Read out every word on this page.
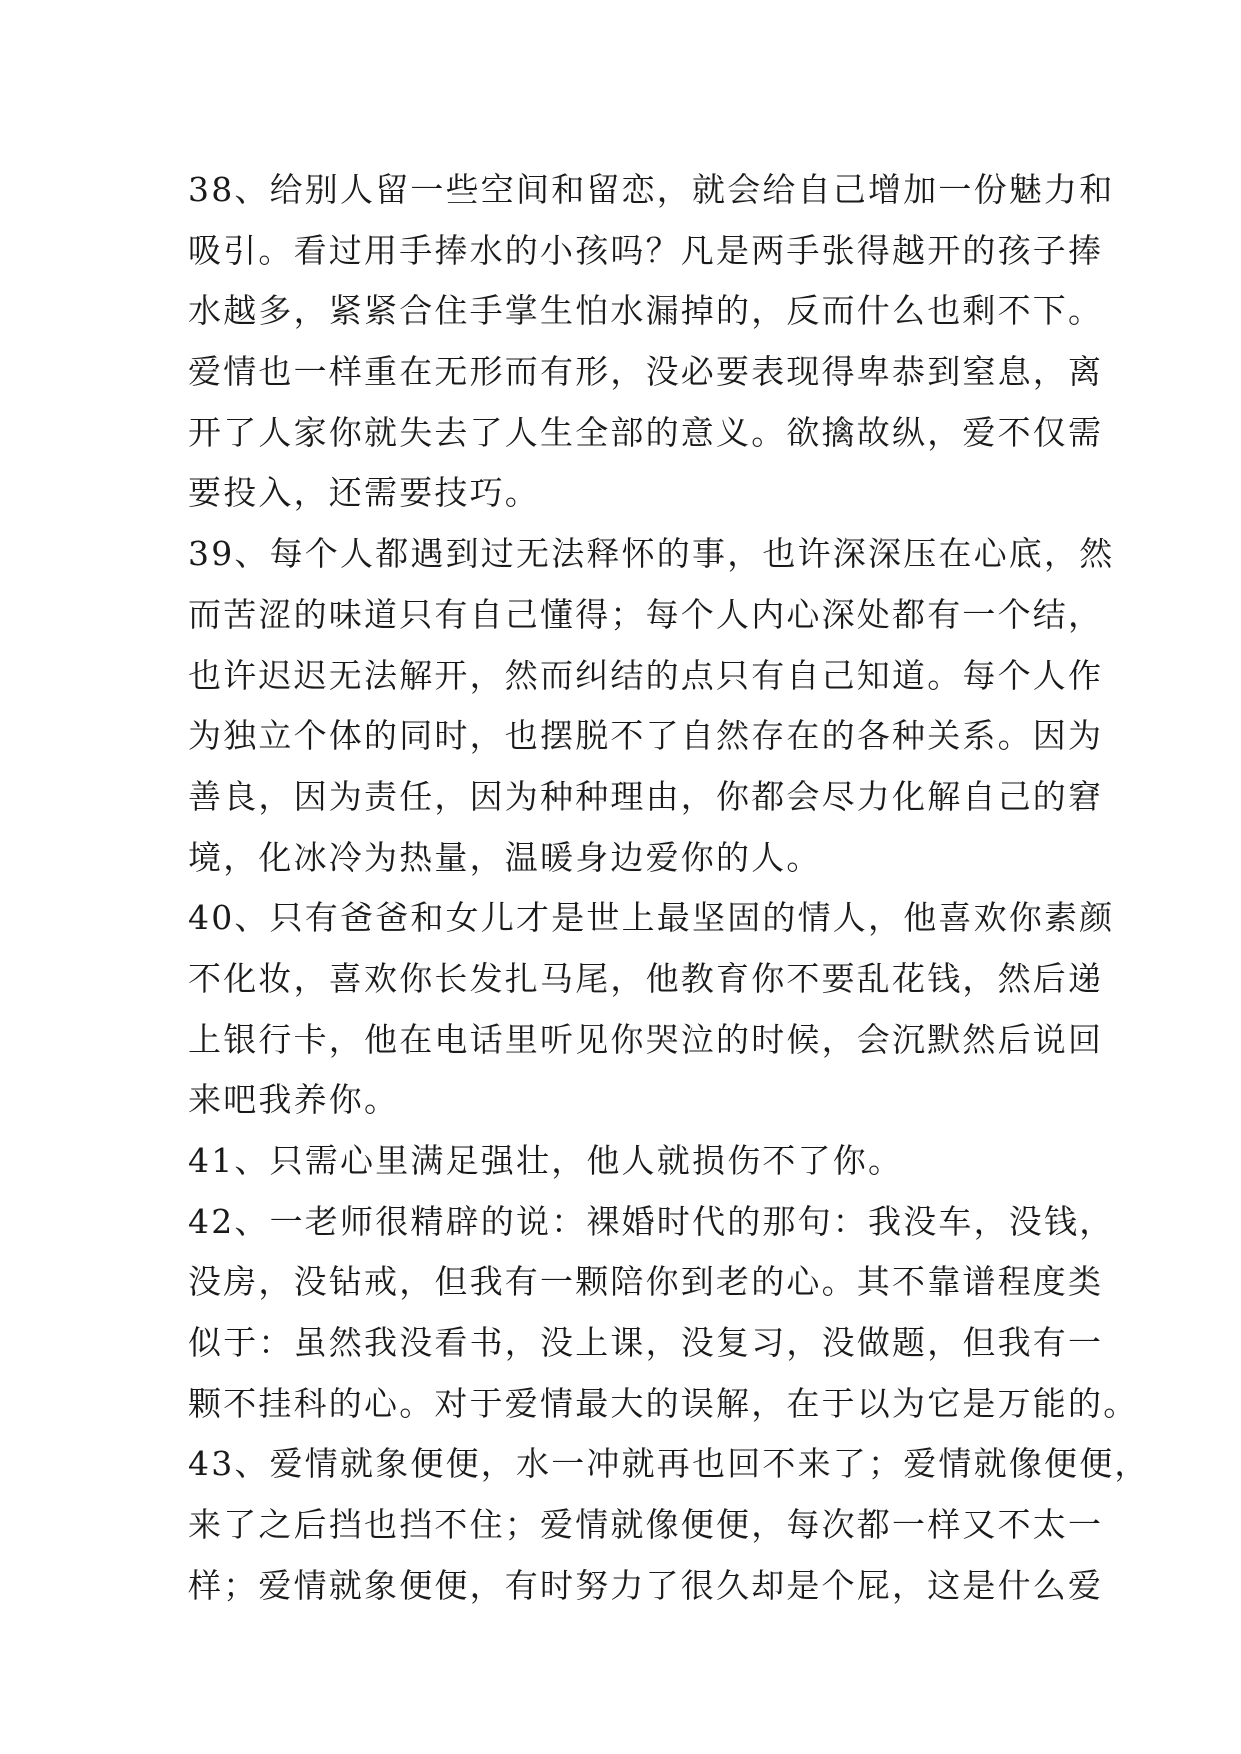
38、给别人留一些空间和留恋，就会给自己增加一份魅力和
吸引。看过用手捧水的小孩吗？凡是两手张得越开的孩子捧
水越多，紧紧合住手掌生怕水漏掉的，反而什么也剩不下。
爱情也一样重在无形而有形，没必要表现得卑恭到窒息，离
开了人家你就失去了人生全部的意义。欲擒故纵，爱不仅需
要投入，还需要技巧。
39、每个人都遇到过无法释怀的事，也许深深压在心底，然
而苦涩的味道只有自己懂得；每个人内心深处都有一个结，
也许迟迟无法解开，然而纠结的点只有自己知道。每个人作
为独立个体的同时，也摆脱不了自然存在的各种关系。因为
善良，因为责任，因为种种理由，你都会尽力化解自己的窘
境，化冰冷为热量，温暖身边爱你的人。
40、只有爸爸和女儿才是世上最坚固的情人，他喜欢你素颜
不化妆，喜欢你长发扎马尾，他教育你不要乱花钱，然后递
上银行卡，他在电话里听见你哭泣的时候，会沉默然后说回
来吧我养你。
41、只需心里满足强壮，他人就损伤不了你。
42、一老师很精辟的说：裸婚时代的那句：我没车，没钱，
没房，没钻戒，但我有一颗陪你到老的心。其不靠谱程度类
似于：虽然我没看书，没上课，没复习，没做题，但我有一
颗不挂科的心。对于爱情最大的误解，在于以为它是万能的。
43、爱情就象便便，水一冲就再也回不来了；爱情就像便便，
来了之后挡也挡不住；爱情就像便便，每次都一样又不太一
样；爱情就象便便，有时努力了很久却是个屁，这是什么爱
